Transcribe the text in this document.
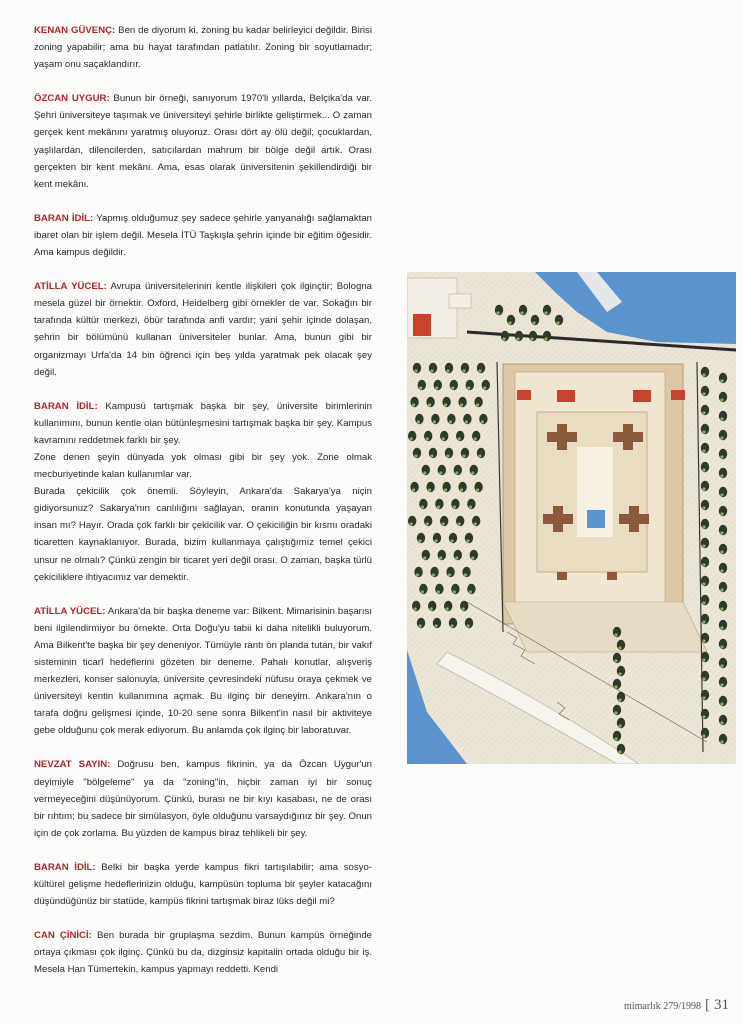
KENAN GÜVENÇ: Ben de diyorum ki, zoning bu kadar belirleyici değildir. Birisi zoning yapabilir; ama bu hayat tarafından patlatılır. Zoning bir soyutlamadır; yaşam onu saçaklandırır.
ÖZCAN UYGUR: Bunun bir örneği, sanıyorum 1970'li yıllarda, Belçika'da var. Şehri üniversiteye taşımak ve üniversiteyi şehirle birlikte geliştirmek... O zaman gerçek kent mekânını yaratmış oluyoruz. Orası dört ay ölü değil; çocuklardan, yaşlılardan, dilencilerden, satıcılardan mahrum bir bölge değil artık. Orası gerçekten bir kent mekânı. Ama, esas olarak üniversitenin şekillendirdiği bir kent mekânı.
BARAN İDİL: Yapmış olduğumuz şey sadece şehirle yanyanalığı sağlamaktan ibaret olan bir işlem değil. Mesela İTÜ Taşkışla şehrin içinde bir eğitim öğesidir. Ama kampus değildir.
ATİLLA YÜCEL: Avrupa üniversitelerinin kentle ilişkileri çok ilginçtir; Bologna mesela güzel bir örnektir. Oxford, Heidelberg gibi örnekler de var. Sokağın bir tarafında kültür merkezi, öbür tarafında anfi vardır; yani şehir içinde dolaşan, şehrin bir bölümünü kullanan üniversiteler bunlar. Ama, bunun gibi bir organizmayı Urfa'da 14 bin öğrenci için beş yılda yaratmak pek olacak şey değil.
BARAN İDİL: Kampusü tartışmak başka bir şey, üniversite birimlerinin kullanımını, bunun kentle olan bütünleşmesini tartışmak başka bir şey. Kampus kavramını reddetmek farklı bir şey.
Zone denen şeyin dünyada yok olması gibi bir şey yok. Zone olmak mecburiyetinde kalan kullanımlar var.
Burada çekicilik çok önemli. Söyleyin, Ankara'da Sakarya'ya niçin gidiyorsunuz? Sakarya'nın canlılığını sağlayan, oranın konutunda yaşayan insan mı? Hayır. Orada çok farklı bir çekicilik var. O çekiciliğin bir kısmı oradaki ticaretten kaynaklanıyor. Burada, bizim kullanmaya çalıştığımız temel çekici unsur ne olmalı? Çünkü zengin bir ticaret yeri değil orası. O zaman, başka türlü çekiciliklere ihtiyacımız var demektir.
ATİLLA YÜCEL: Ankara'da bir başka deneme var: Bilkent. Mimarisinin başarısı beni ilgilendirmiyor bu örnekte. Orta Doğu'yu tabii ki daha nitelikli buluyorum. Ama Bilkent'te başka bir şey deneniyor. Tümüyle rantı ön planda tutan, bir vakıf sisteminin ticarî hedeflerini gözeten bir deneme. Pahalı konutlar, alışveriş merkezleri, konser salonuyla, üniversite çevresindeki nüfusu oraya çekmek ve üniversiteyi kentin kullanımına açmak. Bu ilginç bir deneyim. Ankara'nın o tarafa doğru gelişmesi içinde, 10-20 sene sonra Bilkent'in nasıl bir aktiviteye gebe olduğunu çok merak ediyorum. Bu anlamda çok ilginç bir laboratuvar.
NEVZAT SAYIN: Doğrusu ben, kampus fikrinin, ya da Özcan Uygur'un deyimiyle "bölgeleme" ya da "zoning"in, hiçbir zaman iyi bir sonuç vermeyeceğini düşünüyorum. Çünkü, burası ne bir kıyı kasabası, ne de orası bir rıhtım; bu sadece bir simülasyon, öyle olduğunu varsaydığınız bir şey. Onun için de çok zorlama. Bu yüzden de kampus biraz tehlikeli bir şey.
BARAN İDİL: Belki bir başka yerde kampus fikri tartışılabilir; ama sosyo-kültürel gelişme hedeflerinizin olduğu, kampüsün topluma bir şeyler katacağını düşündüğünüz bir statüde, kampüs fikrini tartışmak biraz lüks değil mi?
CAN ÇİNİCİ: Ben burada bir gruplaşma sezdim. Bunun kampüs örneğinde ortaya çıkması çok ilginç. Çünkü bu da, dizginsiz kapitalin ortada olduğu bir iş. Mesela Han Tümertekin, kampus yapmayı reddetti. Kendi
mimarlık 279/1998 [ 31
